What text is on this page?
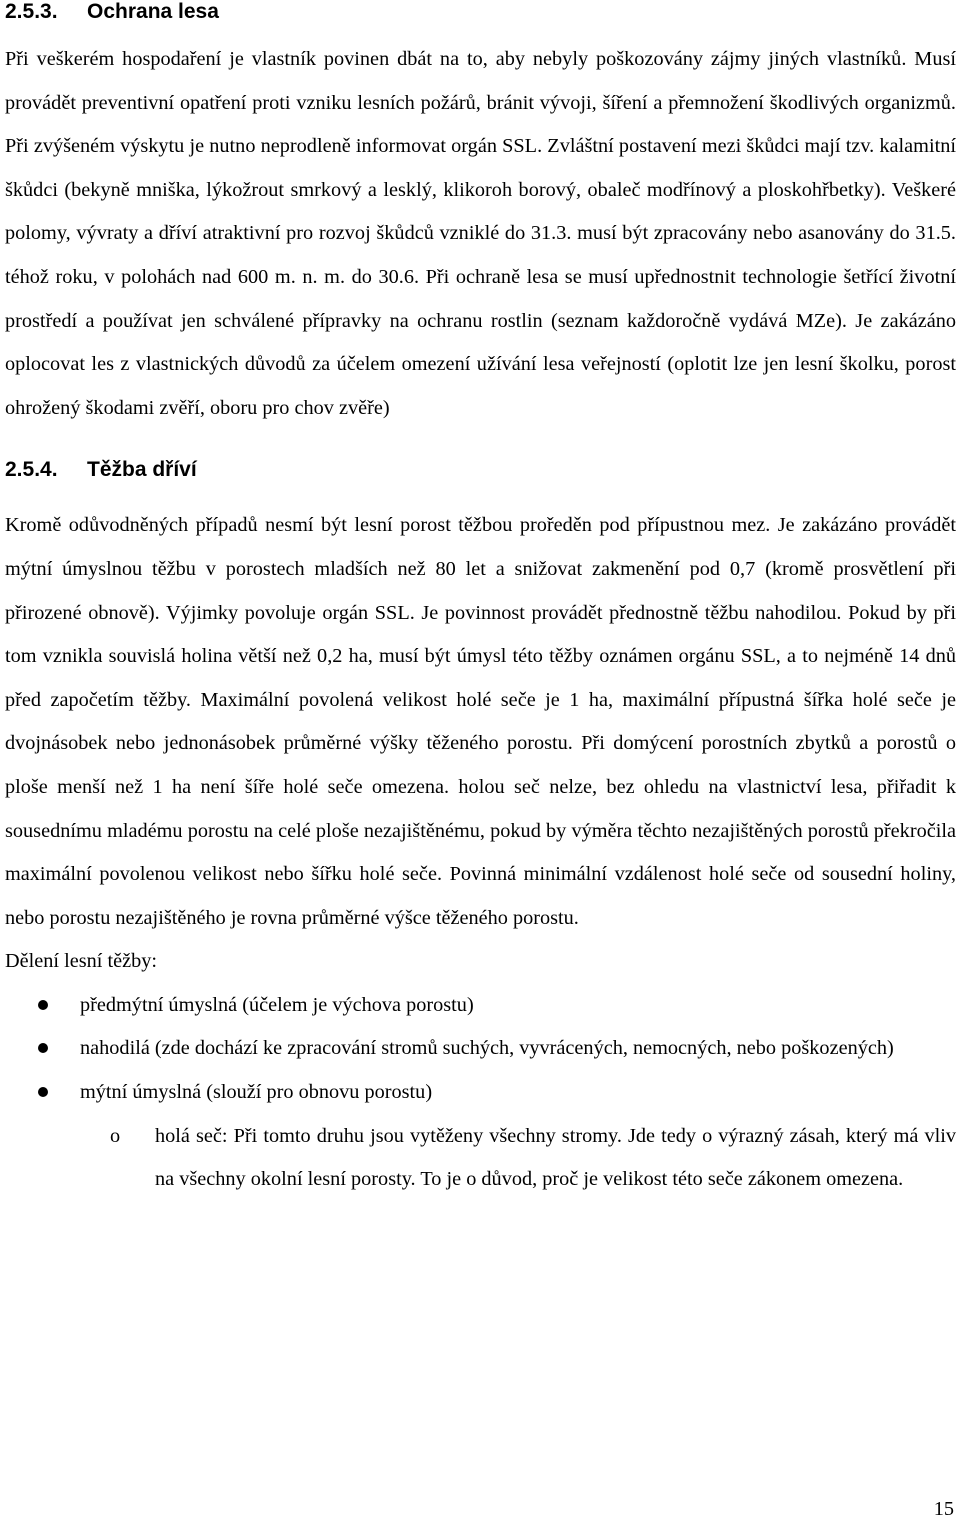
2.5.3.	Ochrana lesa

Při veškerém hospodaření je vlastník povinen dbát na to, aby nebyly poškozovány zájmy jiných vlastníků. Musí provádět preventivní opatření proti vzniku lesních požárů, bránit vývoji, šíření a přemnožení škodlivých organizmů. Při zvýšeném výskytu je nutno neprodleně informovat orgán SSL. Zvláštní postavení mezi škůdci mají tzv. kalamitní škůdci (bekyně mniška, lýkožrout smrkový a lesklý, klikoroh borový, obaleč modřínový a ploskohřbetky). Veškeré polomy, vývraty a dříví atraktivní pro rozvoj škůdců vzniklé do 31.3. musí být zpracovány nebo asanovány do 31.5. téhož roku, v polohách nad 600 m. n. m. do 30.6. Při ochraně lesa se musí upřednostnit technologie šetřící životní prostředí a používat jen schválené přípravky na ochranu rostlin (seznam každoročně vydává MZe). Je zakázáno oplocovat les z vlastnických důvodů za účelem omezení užívání lesa veřejností (oplotit lze jen lesní školku, porost ohrožený škodami zvěří, oboru pro chov zvěře)

2.5.4.	Těžba dříví

Kromě odůvodněných případů nesmí být lesní porost těžbou proředěn pod přípustnou mez. Je zakázáno provádět mýtní úmyslnou těžbu v porostech mladších než 80 let a snižovat zakmenění pod 0,7 (kromě prosvětlení při přirozené obnově). Výjimky povoluje orgán SSL. Je povinnost provádět přednostně těžbu nahodilou. Pokud by při tom vznikla souvislá holina větší než 0,2 ha, musí být úmysl této těžby oznámen orgánu SSL, a to nejméně 14 dnů před započetím těžby. Maximální povolená velikost holé seče je 1 ha, maximální přípustná šířka holé seče je dvojnásobek nebo jednonásobek průměrné výšky těženého porostu. Při domýcení porostních zbytků a porostů o ploše menší než 1 ha není šíře holé seče omezena. holou seč nelze, bez ohledu na vlastnictví lesa, přiřadit k sousednímu mladému porostu na celé ploše nezajištěnému, pokud by výměra těchto nezajištěných porostů překročila maximální povolenou velikost nebo šířku holé seče. Povinná minimální vzdálenost holé seče od sousední holiny, nebo porostu nezajištěného je rovna průměrné výšce těženého porostu.

Dělení lesní těžby:

předmýtní úmyslná (účelem je výchova porostu)
nahodilá (zde dochází ke zpracování stromů suchých, vyvrácených, nemocných, nebo poškozených)
mýtní úmyslná (slouží pro obnovu porostu)
o holá seč: Při tomto druhu jsou vytěženy všechny stromy. Jde tedy o výrazný zásah, který má vliv na všechny okolní lesní porosty. To je o důvod, proč je velikost této seče zákonem omezena.
15
